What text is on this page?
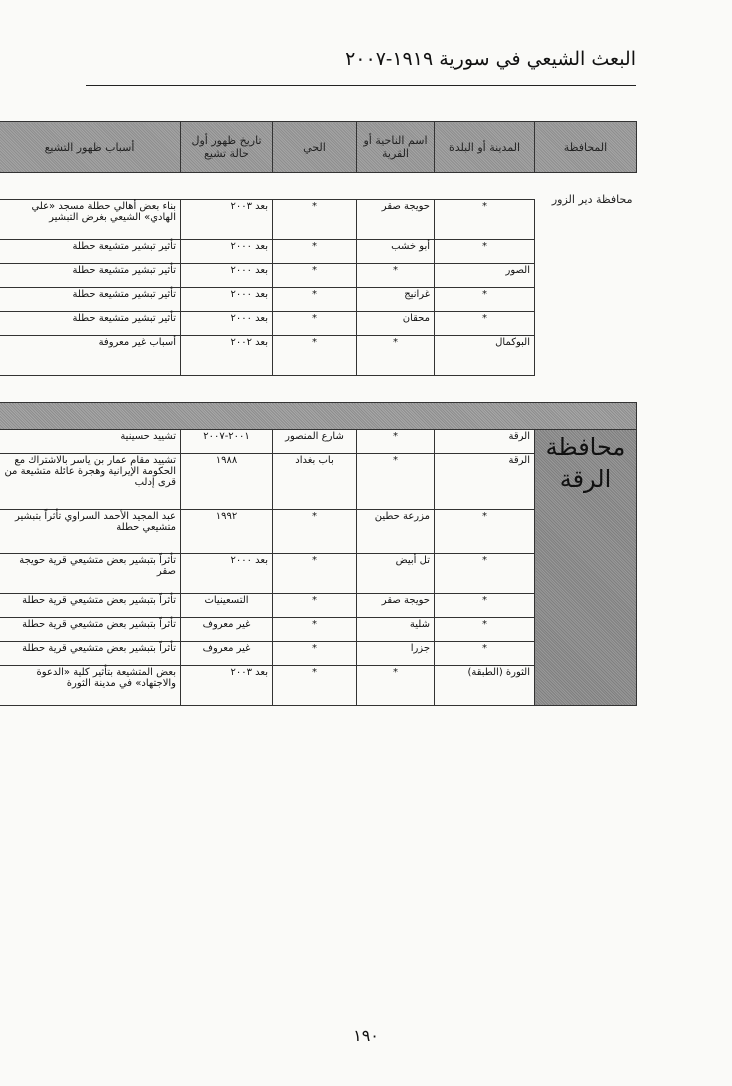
البعث الشيعي في سورية ١٩١٩-٢٠٠٧
المحافظة	المدينة أو البلدة	اسم الناحية أو القرية	الحي	تاريخ ظهور أول حالة تشيع	أسباب ظهور التشيع
محافظة دير الزور					
	*	حويجة صقر	*	بعد ٢٠٠٣	بناء بعض أهالي حطلة مسجد «علي الهادي» الشيعي بغرض التبشير
	*	أبو خشب	*	بعد ٢٠٠٠	تأثير تبشير متشيعة حطلة
	الصور	*	*	بعد ٢٠٠٠	تأثير تبشير متشيعة حطلة
	*	غرانيج	*	بعد ٢٠٠٠	تأثير تبشير متشيعة حطلة
	*	محقان	*	بعد ٢٠٠٠	تأثير تبشير متشيعة حطلة
	البوكمال	*	*	بعد ٢٠٠٢	أسباب غير معروفة

محافظة الرقة	الرقة	*	شارع المنصور	٢٠٠١-٢٠٠٧	تشييد حسينية
	الرقة	*	باب بغداد	١٩٨٨	تشييد مقام عمار بن ياسر بالاشتراك مع الحكومة الإيرانية وهجرة عائلة متشيعة من قرى إدلب
	*	مزرعة حطين	*	١٩٩٢	عبد المجيد الأحمد السراوي تأثراً بتبشير متشيعي حطلة
	*	تل أبيض	*	بعد ٢٠٠٠	تأثراً بتبشير بعض متشيعي قرية حويجة صقر
	*	حويجة صقر	*	التسعينيات	تأثراً بتبشير بعض متشيعي قرية حطلة
	*	شلية	*	غير معروف	تأثراً بتبشير بعض متشيعي قرية حطلة
	*	جزرا	*	غير معروف	تأثراً بتبشير بعض متشيعي قرية حطلة
	الثورة (الطبقة)	*	*	بعد ٢٠٠٣	بعض المتشيعة بتأثير كلية «الدعوة والاجتهاد» في مدينة الثورة
١٩٠
